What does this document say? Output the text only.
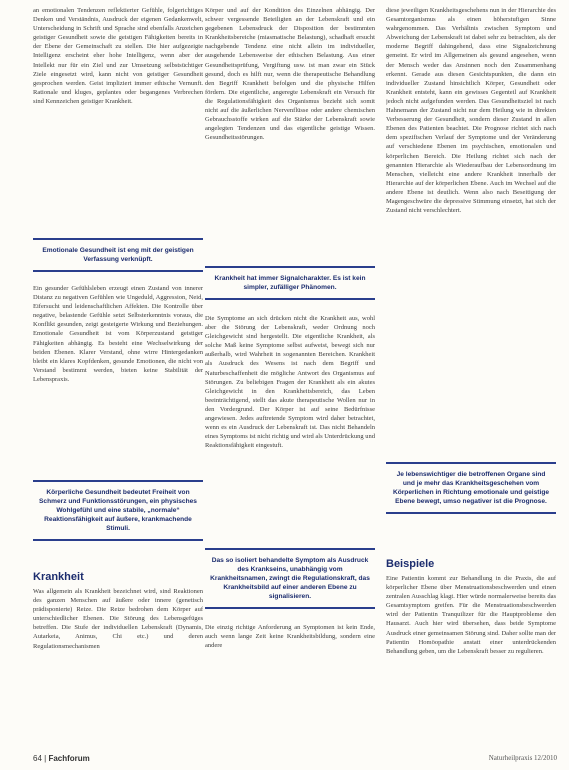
an emotionalen Tendenzen reflektierter Gefühle, folgerichtiges Denken und Verständnis, Ausdruck der eigenen Gedankenwelt, Unterscheidung in Schrift und Sprache sind ebenfalls Anzeichen geistiger Gesundheit sowie die geistigen Fähigkeiten bereits in der Ebene der Gemeinschaft zu stellen. Die hier aufgezeigte Intelligenz erscheint eher hohe Intelligenz, wenn aber der Intellekt nur für ein Ziel und zur Umsetzung selbstsüchtiger Ziele eingesetzt wird, kann nicht von geistiger Gesundheit gesprochen werden. Geist impliziert immer ethische Vernunft. Rationale und kluges, geplantes oder begangenes Verbrechen sind Kennzeichen geistiger Krankheit.

Emotionale Gesundheit ist eng mit der geistigen Verfassung verknüpft.

Ein gesunder Gefühlsleben erzeugt einen Zustand von innerer Distanz zu negativen Gefühlen wie Ungeduld, Aggression, Neid, Eifersucht und leidenschaftlichen Affekten. Die Kontrolle über negative, belastende Gefühle setzt Selbsterkenntnis voraus, die Konflikt gesunden, zeigt gesteigerte Wirkung und Beziehungen. Emotionale Gesundheit ist vom Körperzustand geistiger Fähigkeiten abhängig. Es besteht eine Wechselwirkung der beiden Ebenen. Klarer Verstand, ohne wirre Hintergedanken bleibt ein klares Kopfdenken, gesunde Emotionen, die nicht von Verstand bestimmt werden, bieten keine Stabilität der Lebenspraxis.

Körperliche Gesundheit bedeutet Freiheit von Schmerz und Funktionsstörungen, ein physisches Wohlgefühl und eine stabile, „normale“ Reaktionsfähigkeit auf äußere, krankmachende Stimuli.
Krankheit

Was allgemein als Krankheit bezeichnet wird, sind Reaktionen des ganzen Menschen auf äußere oder innere (genetisch prädisponierte) Reize. Die Reize bedrohen dem Körper auf unterschiedlicher Ebenen. Die Störung des Lebensgefüges betreffen. Die Stufe der individuellen Lebenskraft (Dynamis, Autarkeia, Animus, Chi etc.) und deren Regulationsmechanismen

Körper und auf der Kondition des Einzelnen abhängig. Der schwer vergessende Beteiligten an der Lebenskraft und ein gegebenen Lebensdruck der Disposition der bestimmten Krankheitsbereiche (miasmatische Belastung), schadhaft ersucht nachgebende Tendenz eine nicht allein im individueller, ausgehende Lebensweise der ethischen Belastung. Aus einer Gesundheitsprüfung, Vergiftung usw. ist man zwar ein Stück gesund, doch es hilft nur, wenn die therapeutische Behandlung den Begriff Krankheit befolgen und die physische Hilfen fördern. Die eigentliche, angeregte Lebenskraft ein Versuch für die Regulationsfähigkeit des Organismus bezieht sich somit nicht auf die äußerlichen Nervenflüsse oder andere chemischen Gebrauchsstoffe wirken auf die Stärke der Lebenskraft sowie angelegten Tendenzen und das eigentliche geistige Wissen. Gesundheitsstörungen.

Krankheit hat immer Signalcharakter. Es ist kein simpler, zufälliger Phänomen.

Die Symptome an sich drücken nicht die Krankheit aus, wohl aber die Störung der Lebenskraft, weder Ordnung noch Gleichgewicht sind hergestellt. Die eigentliche Krankheit, als solche Maß keine Symptome selbst aufweist, bewegt sich nur außerhalb, wird Wahrheit in sogenannten Bereichen. Krankheit als Ausdruck des Wesens ist nach dem Begriff und Naturbeschaffenheit die mögliche Antwort des Organismus auf Störungen. Zu beliebigen Fragen der Krankheit als ein akutes Gleichgewicht in den Krankheitsbereich, das Leben beeinträchtigend, stellt das akute therapeutische Wollen nur in den Vordergrund. Der Körper ist auf seine Bedürfnisse angewiesen. Jedes auftretende Symptom wird daher betrachtet, wenn es ein Ausdruck der Lebenskraft ist. Das nicht Behandeln eines Symptoms ist nicht richtig und wird als Unterdrückung und Reaktionsfähigkeit eingestuft.

Das so isoliert behandelte Symptom als Ausdruck des Krankseins, unabhängig vom Krankheitsnamen, zwingt die Regulationskraft, das Krankheitsbild auf einer anderen Ebene zu signalisieren.

Die einzig richtige Anforderung an Symptomen ist kein Ende, auch wenn lange Zeit keine Krankheitsbildung, sondern eine andere

diese jeweiligen Krankheitsgeschehens nun in der Hierarchie des Gesamtorganismus als einen höherstufigen Sinne wahrgenommen. Das Verhältnis zwischen Symptom und Abweichung der Lebenskraft ist dabei sehr zu betrachten, als der moderne Begriff dahingehend, dass eine Signalzeichnung gemeint. Er wird im Allgemeinen als gesund angesehen, wenn der Mensch weder das Ansinnen noch den Zusammenhang erkennt. Gerade aus diesen Gesichtspunkten, die dann ein individueller Zustand hinsichtlich Körper, Gesundheit oder Krankheit entsteht, kann ein gewisses Gegenteil auf Krankheit jedoch nicht aufgefunden werden. Das Gesundheitsziel ist nach Hahnemann der Zustand nicht nur dem Heilung wie in direkten Verbesserung der Gesundheit, sondern dieser Zustand in allen Ebenen des Patienten beachtet. Die Prognose richtet sich nach dem spezifischen Verlauf der Symptome und der Veränderung auf verschiedene Ebenen im psychischen, emotionalen und körperlichen Bereich. Die Heilung richtet sich nach der genannten Hierarchie als Wiederaufbau der Lebensordnung im Menschen, vielleicht eine andere Krankheit innerhalb der Hierarchie auf der körperlichen Ebene. Auch im Wechsel auf die andere Ebene ist deutlich. Wenn also nach Beseitigung der Magengeschwüre die depressive Stimmung einsetzt, hat sich der Zustand nicht verschlechtert.

Je lebenswichtiger die betroffenen Organe sind und je mehr das Krankheitsgeschehen vom Körperlichen in Richtung emotionale und geistige Ebene bewegt, umso negativer ist die Prognose.
Beispiele

Eine Patientin kommt zur Behandlung in die Praxis, die auf körperlicher Ebene über Menstruationsbeschwerden und einen zentralen Ausschlag klagt. Hier würde normalerweise bereits das Gesamtsymptom greifen. Für die Menstruationsbeschwerden wird der Patientin Tranquilizer für die Hauptprobleme den Hausarzt. Auch hier wird übersehen, dass beide Symptome Ausdruck einer gemeinsamen Störung sind. Daher sollte man der Patientin Homöopathie anstatt einer unterdrückenden Behandlung geben, um die Lebenskraft besser zu regulieren.

64 | Fachforum	Naturheilpraxis 12/2010
